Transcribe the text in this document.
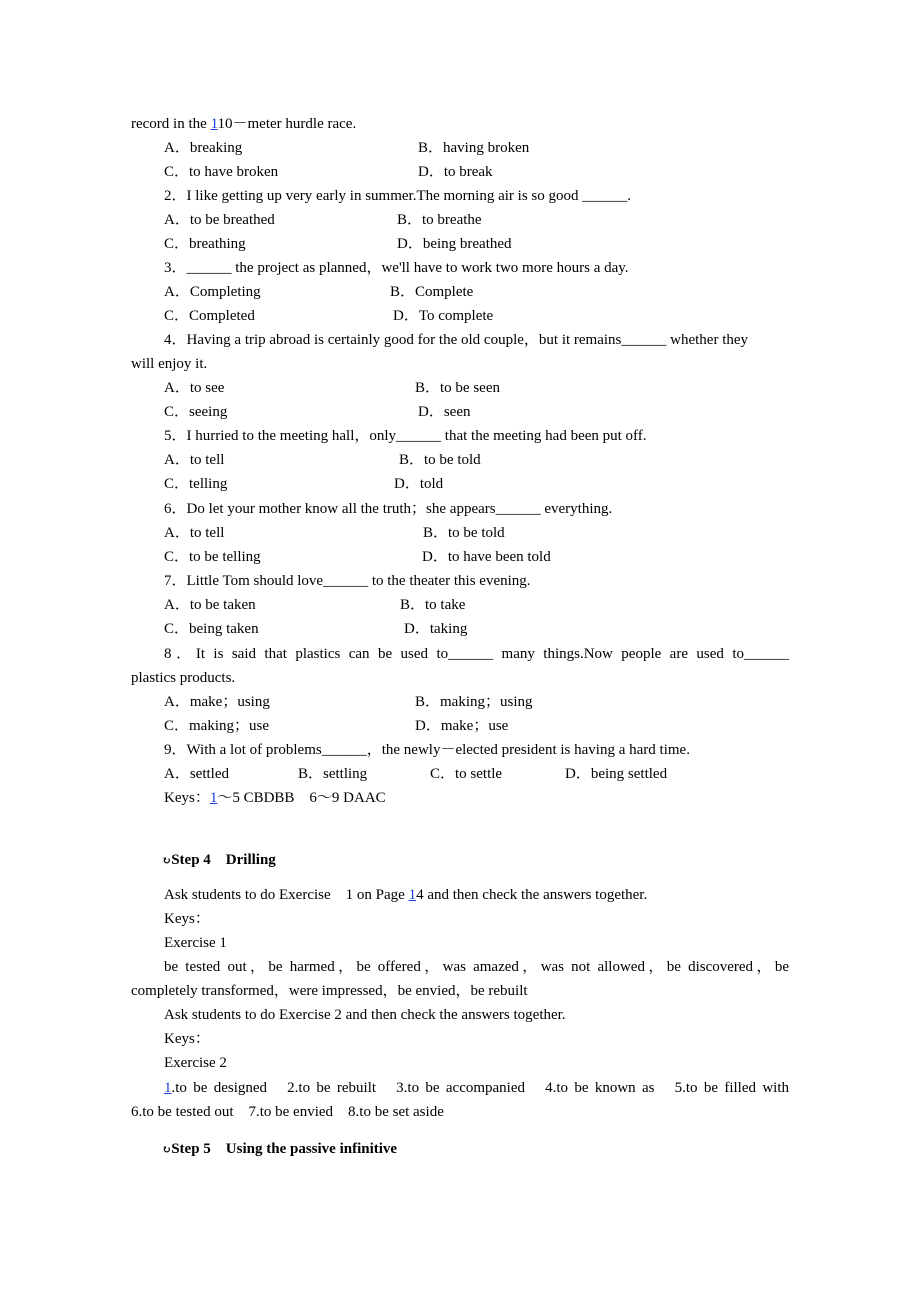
record in the 110－meter hurdle race.
A．breaking	B．having broken
C．to have broken	D．to break
2．I like getting up very early in summer.The morning air is so good ______.
A．to be breathed	B．to breathe
C．breathing	D．being breathed
3．______ the project as planned，we'll have to work two more hours a day.
A．Completing	B．Complete
C．Completed	D．To complete
4．Having a trip abroad is certainly good for the old couple，but it remains______ whether they
will enjoy it.
A．to see	B．to be seen
C．seeing	D．seen
5．I hurried to the meeting hall，only______ that the meeting had been put off.
A．to tell	B．to be told
C．telling	D．told
6．Do let your mother know all the truth；she appears______ everything.
A．to tell	B．to be told
C．to be telling	D．to have been told
7．Little Tom should love______ to the theater this evening.
A．to be taken	B．to take
C．being taken	D．taking
8．It is said that plastics can be used to______ many things.Now people are used to______
plastics products.
A．make；using	B．making；using
C．making；use	D．make；use
9．With a lot of problems______，the newly－elected president is having a hard time.
A．settled	B．settling	C．to settle	D．being settled
Keys：1～5 CBDBB　6～9 DAAC
↻Step 4　Drilling
Ask students to do Exercise　1 on Page 14 and then check the answers together.
Keys：
Exercise 1
be tested out，be harmed，be offered，was amazed，was not allowed，be discovered，be
completely transformed，were impressed，be envied，be rebuilt
Ask students to do Exercise 2 and then check the answers together.
Keys：
Exercise 2
1.to be designed　2.to be rebuilt　3.to be accompanied　4.to be known as　5.to be filled with
6.to be tested out　7.to be envied　8.to be set aside
↻Step 5　Using the passive infinitive
